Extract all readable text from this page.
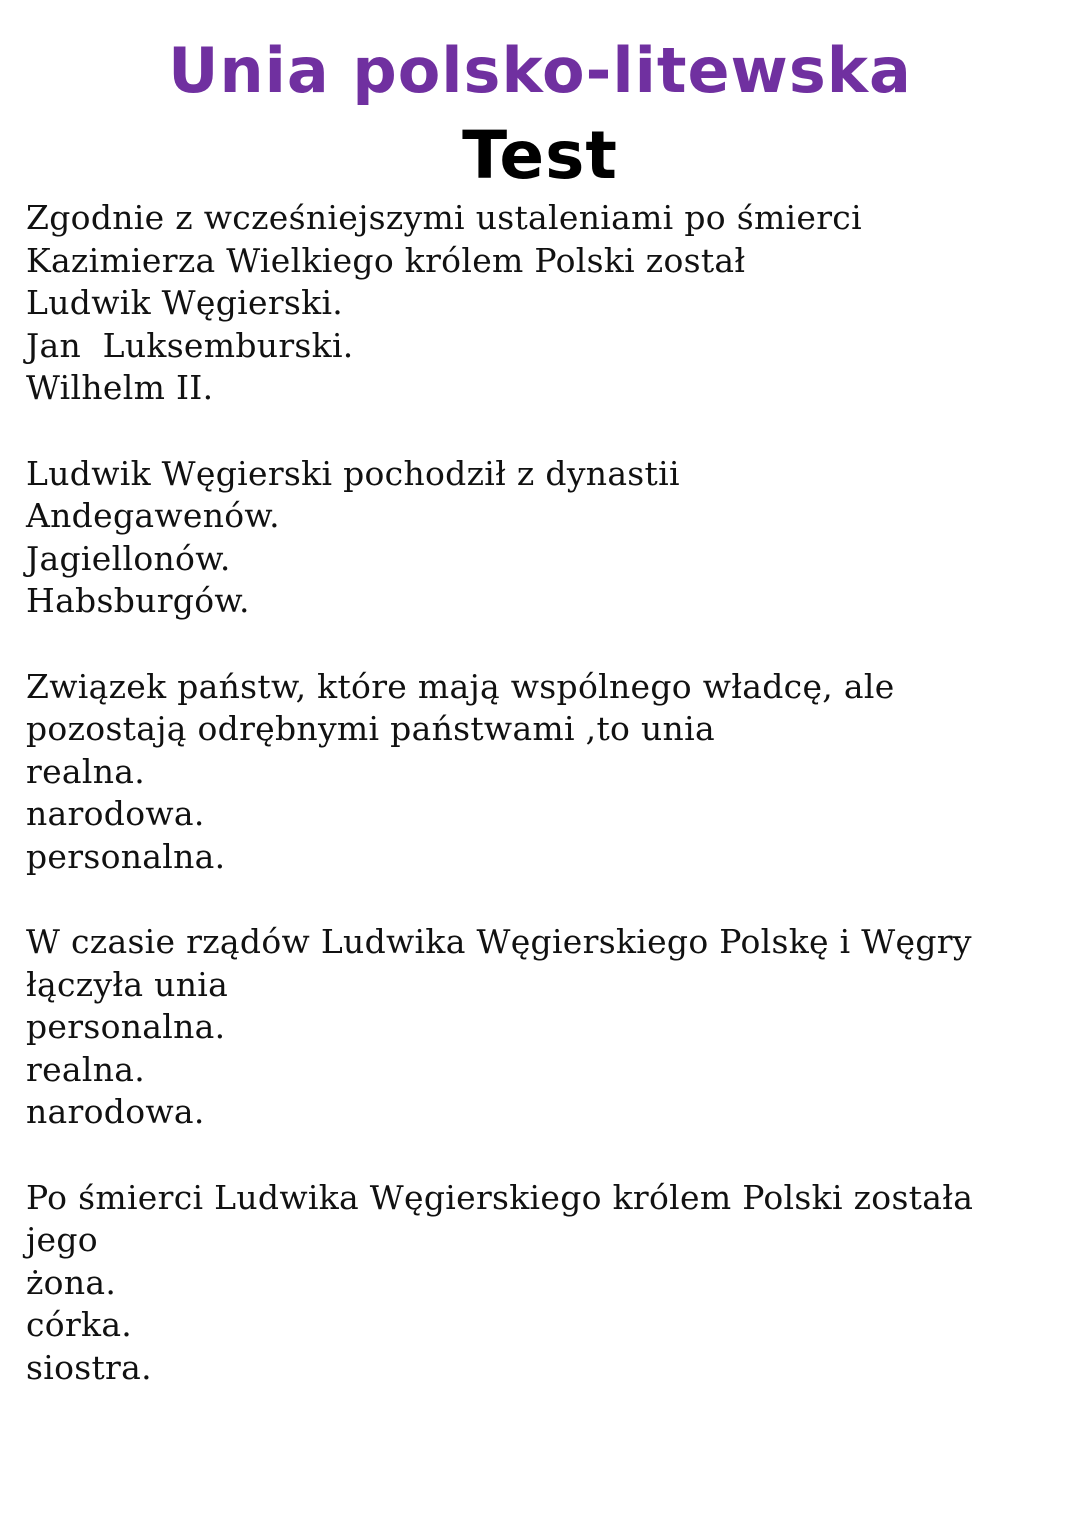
Unia polsko-litewska
Test
Zgodnie z wcześniejszymi ustaleniami po śmierci
Kazimierza Wielkiego królem Polski został
Ludwik Węgierski.
Jan  Luksemburski.
Wilhelm II.
Ludwik Węgierski pochodził z dynastii
Andegawenów.
Jagiellonów.
Habsburgów.
Związek państw, które mają wspólnego władcę, ale
pozostają odrębnymi państwami ,to unia
realna.
narodowa.
personalna.
W czasie rządów Ludwika Węgierskiego Polskę i Węgry
łączyła unia
personalna.
realna.
narodowa.
Po śmierci Ludwika Węgierskiego królem Polski została
jego
żona.
córka.
siostra.
